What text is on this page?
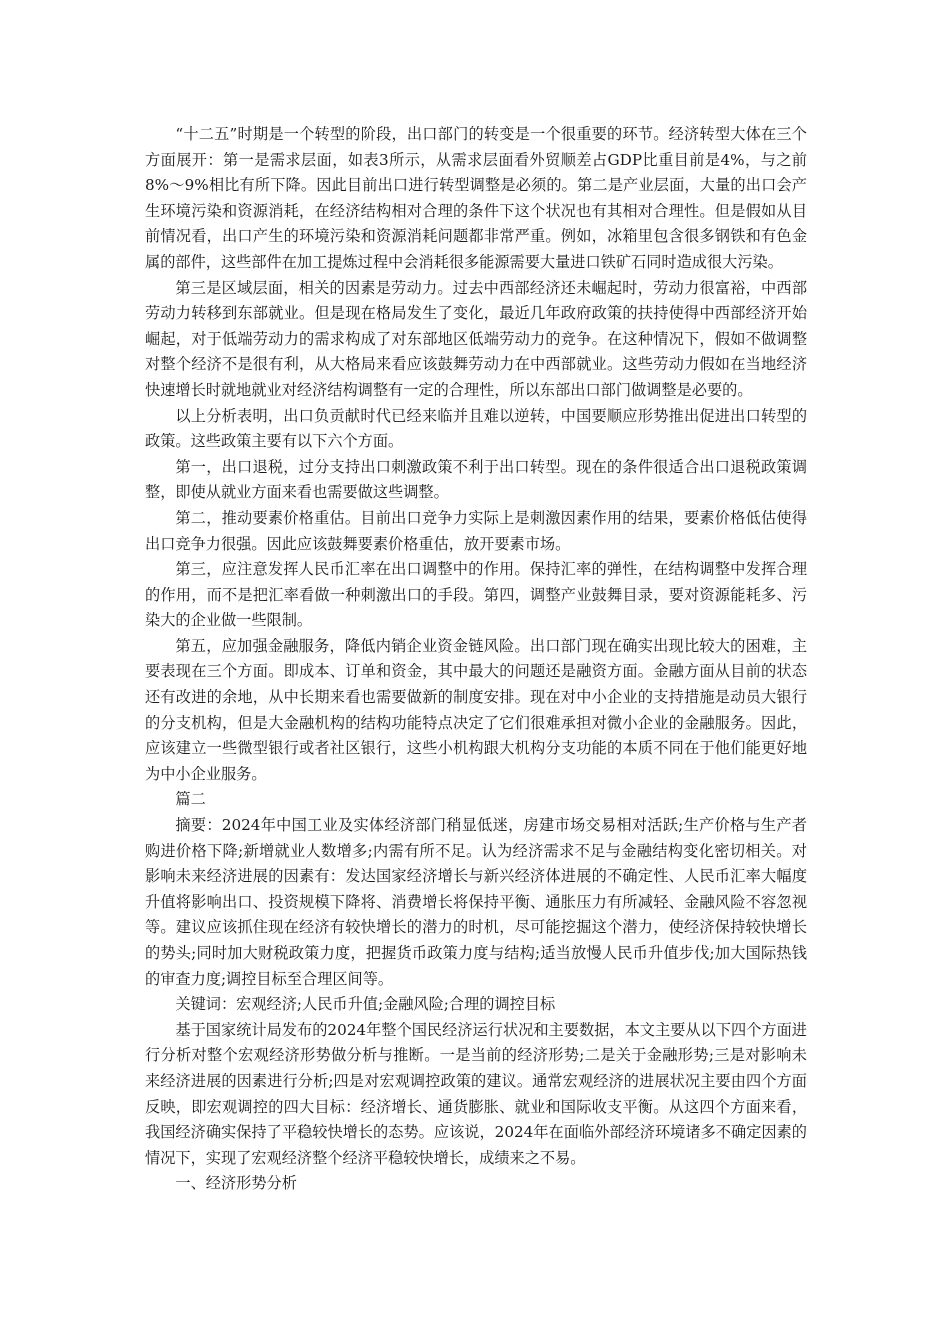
“十二五”时期是一个转型的阶段，出口部门的转变是一个很重要的环节。经济转型大体在三个方面展开：第一是需求层面，如表3所示，从需求层面看外贸顺差占GDP比重目前是4%，与之前8%～9%相比有所下降。因此目前出口进行转型调整是必须的。第二是产业层面，大量的出口会产生环境污染和资源消耗，在经济结构相对合理的条件下这个状况也有其相对合理性。但是假如从目前情况看，出口产生的环境污染和资源消耗问题都非常严重。例如，冰箱里包含很多钢铁和有色金属的部件，这些部件在加工提炼过程中会消耗很多能源需要大量进口铁矿石同时造成很大污染。

第三是区域层面，相关的因素是劳动力。过去中西部经济还未崛起时，劳动力很富裕，中西部劳动力转移到东部就业。但是现在格局发生了变化，最近几年政府政策的扶持使得中西部经济开始崛起，对于低端劳动力的需求构成了对东部地区低端劳动力的竞争。在这种情况下，假如不做调整对整个经济不是很有利，从大格局来看应该鼓舞劳动力在中西部就业。这些劳动力假如在当地经济快速增长时就地就业对经济结构调整有一定的合理性，所以东部出口部门做调整是必要的。

以上分析表明，出口负贡献时代已经来临并且难以逆转，中国要顺应形势推出促进出口转型的政策。这些政策主要有以下六个方面。

第一，出口退税，过分支持出口刺激政策不利于出口转型。现在的条件很适合出口退税政策调整，即使从就业方面来看也需要做这些调整。

第二，推动要素价格重估。目前出口竞争力实际上是刺激因素作用的结果，要素价格低估使得出口竞争力很强。因此应该鼓舞要素价格重估，放开要素市场。

第三，应注意发挥人民币汇率在出口调整中的作用。保持汇率的弹性，在结构调整中发挥合理的作用，而不是把汇率看做一种刺激出口的手段。第四，调整产业鼓舞目录，要对资源能耗多、污染大的企业做一些限制。

第五，应加强金融服务，降低内销企业资金链风险。出口部门现在确实出现比较大的困难，主要表现在三个方面。即成本、订单和资金，其中最大的问题还是融资方面。金融方面从目前的状态还有改进的余地，从中长期来看也需要做新的制度安排。现在对中小企业的支持措施是动员大银行的分支机构，但是大金融机构的结构功能特点决定了它们很难承担对微小企业的金融服务。因此，应该建立一些微型银行或者社区银行，这些小机构跟大机构分支功能的本质不同在于他们能更好地为中小企业服务。

篇二

摘要：2024年中国工业及实体经济部门稍显低迷，房建市场交易相对活跃;生产价格与生产者购进价格下降;新增就业人数增多;内需有所不足。认为经济需求不足与金融结构变化密切相关。对影响未来经济进展的因素有：发达国家经济增长与新兴经济体进展的不确定性、人民币汇率大幅度升值将影响出口、投资规模下降将、消费增长将保持平衡、通胀压力有所减轻、金融风险不容忽视等。建议应该抓住现在经济有较快增长的潜力的时机，尽可能挖掘这个潜力，使经济保持较快增长的势头;同时加大财税政策力度，把握货币政策力度与结构;适当放慢人民币升值步伐;加大国际热钱的审查力度;调控目标至合理区间等。

关键词：宏观经济;人民币升值;金融风险;合理的调控目标

基于国家统计局发布的2024年整个国民经济运行状况和主要数据，本文主要从以下四个方面进行分析对整个宏观经济形势做分析与推断。一是当前的经济形势;二是关于金融形势;三是对影响未来经济进展的因素进行分析;四是对宏观调控政策的建议。通常宏观经济的进展状况主要由四个方面反映，即宏观调控的四大目标：经济增长、通货膨胀、就业和国际收支平衡。从这四个方面来看，我国经济确实保持了平稳较快增长的态势。应该说，2024年在面临外部经济环境诸多不确定因素的情况下，实现了宏观经济整个经济平稳较快增长，成绩来之不易。

一、经济形势分析
